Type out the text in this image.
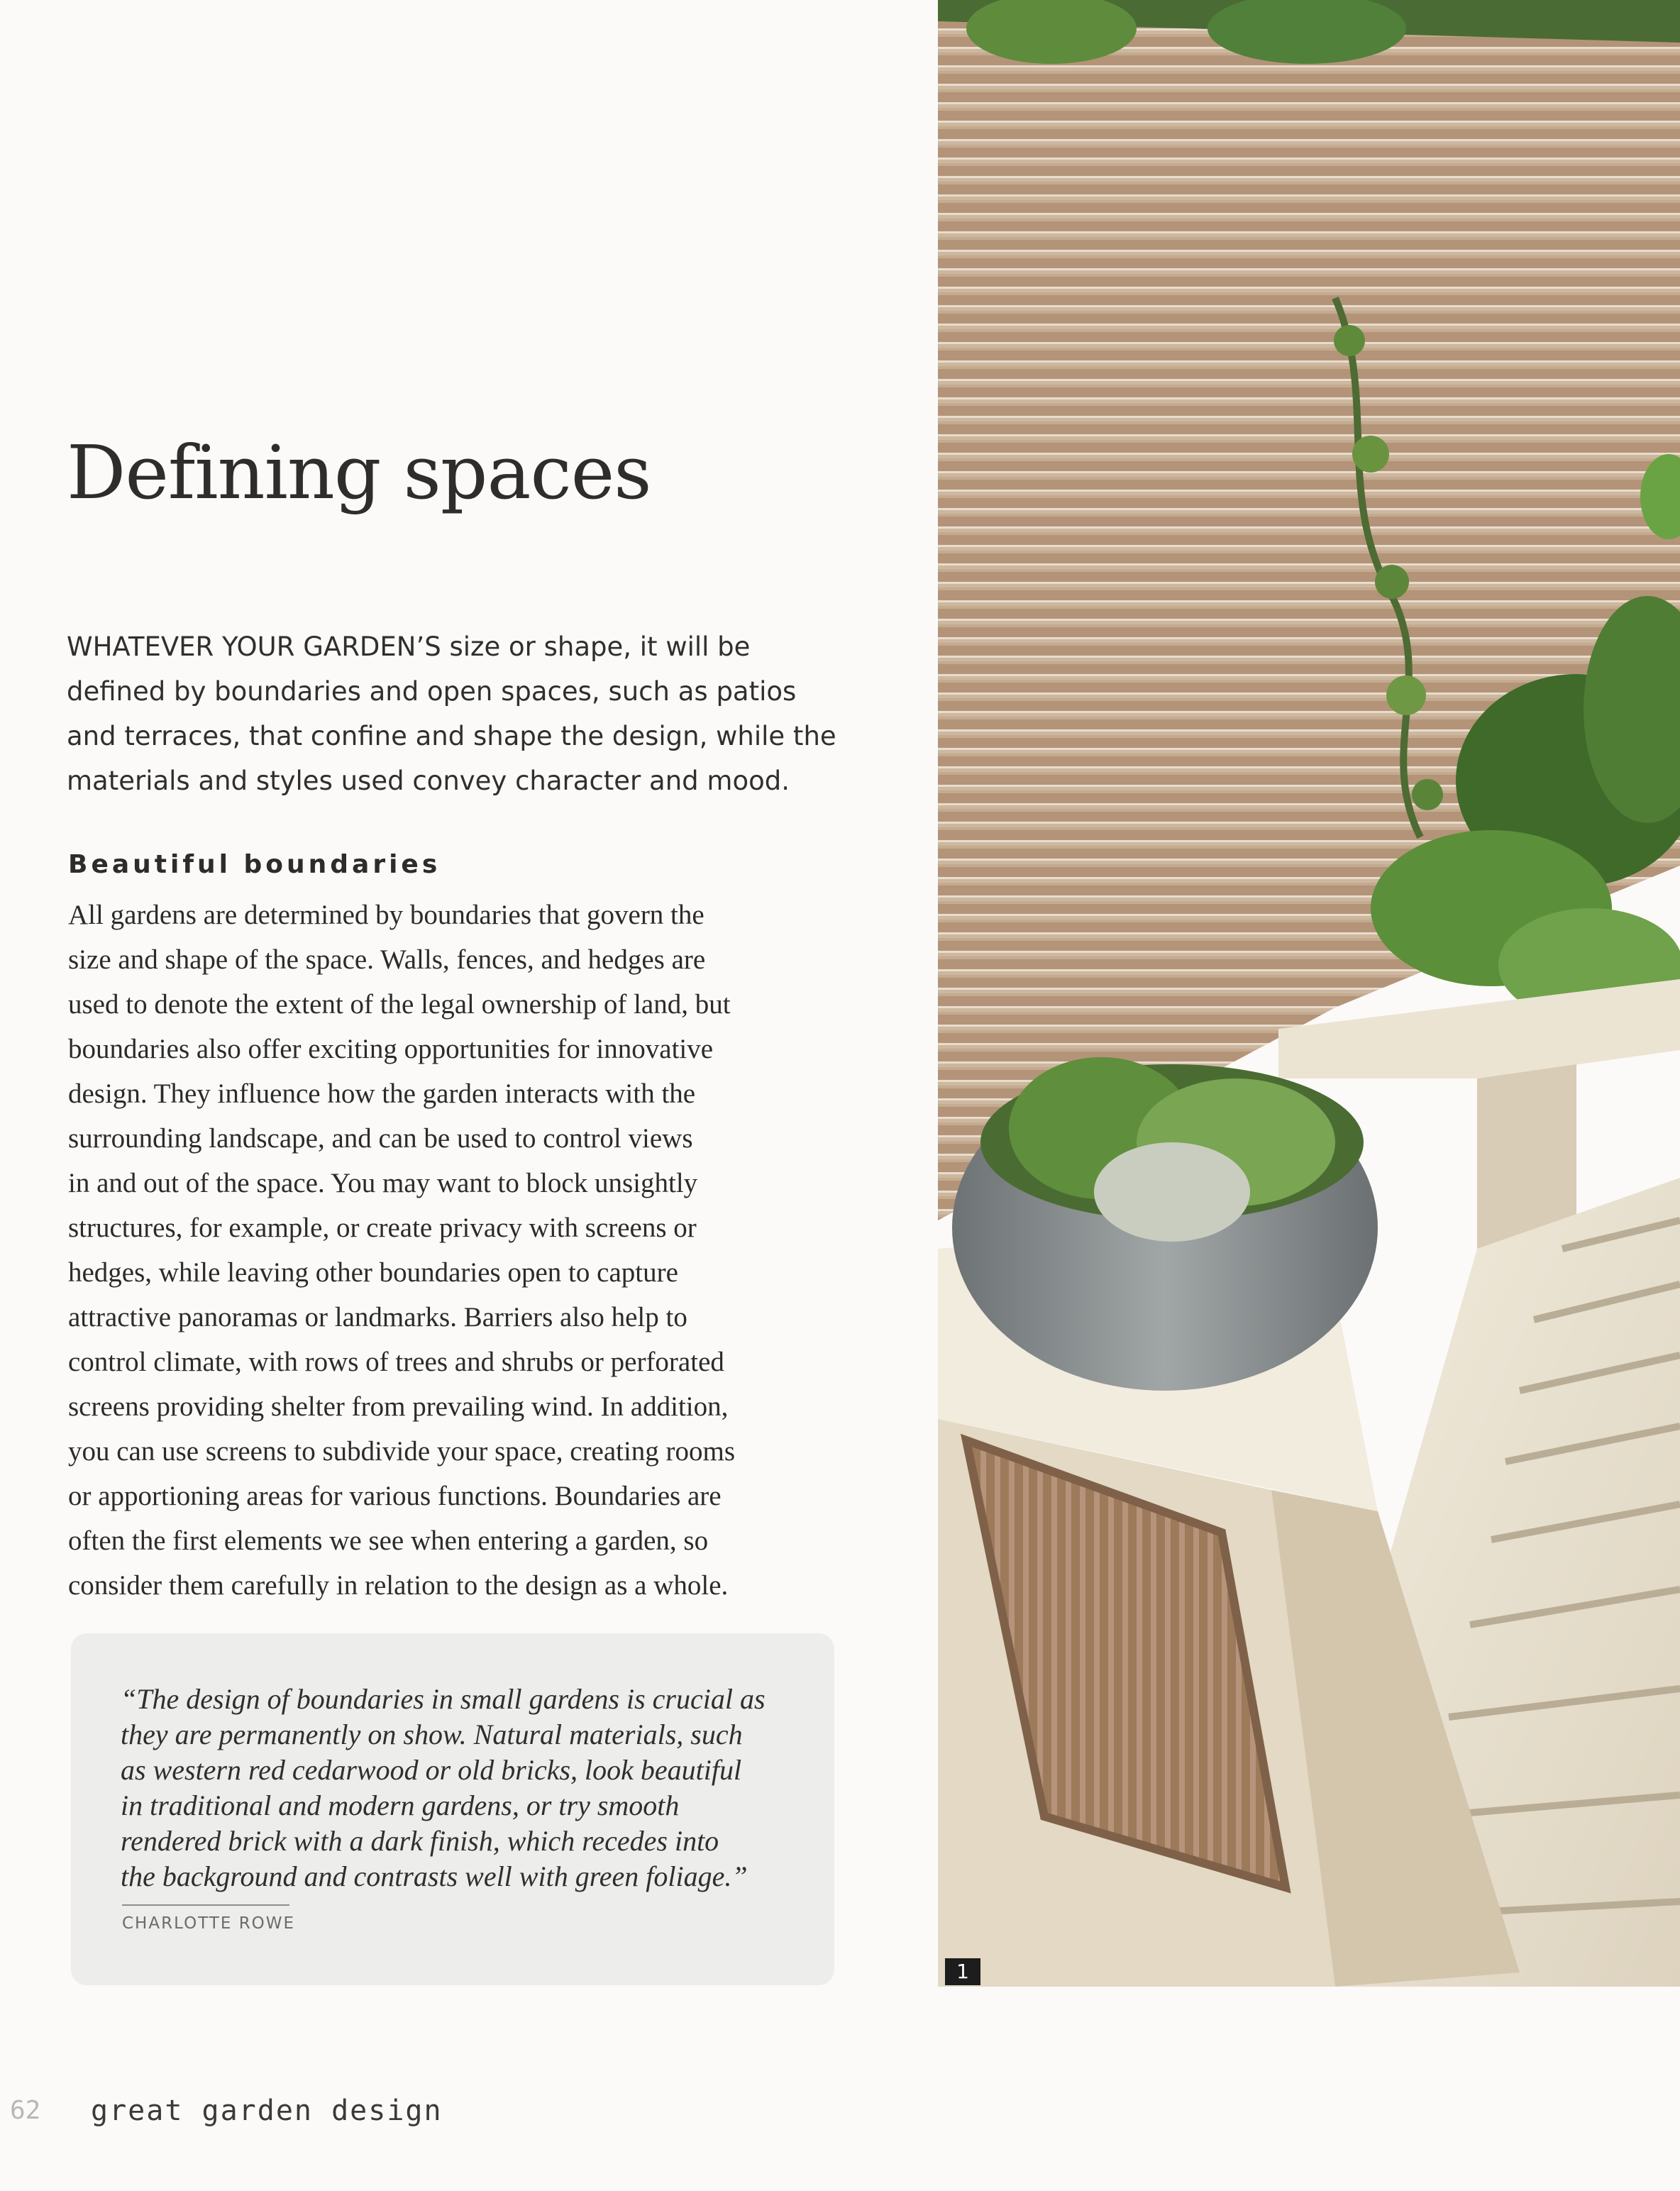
Defining spaces
WHATEVER YOUR GARDEN’S size or shape, it will be
defined by boundaries and open spaces, such as patios
and terraces, that confine and shape the design, while the
materials and styles used convey character and mood.
Beautiful boundaries
All gardens are determined by boundaries that govern the
size and shape of the space. Walls, fences, and hedges are
used to denote the extent of the legal ownership of land, but
boundaries also offer exciting opportunities for innovative
design. They influence how the garden interacts with the
surrounding landscape, and can be used to control views
in and out of the space. You may want to block unsightly
structures, for example, or create privacy with screens or
hedges, while leaving other boundaries open to capture
attractive panoramas or landmarks. Barriers also help to
control climate, with rows of trees and shrubs or perforated
screens providing shelter from prevailing wind. In addition,
you can use screens to subdivide your space, creating rooms
or apportioning areas for various functions. Boundaries are
often the first elements we see when entering a garden, so
consider them carefully in relation to the design as a whole.
“The design of boundaries in small gardens is crucial as
they are permanently on show. Natural materials, such
as western red cedarwood or old bricks, look beautiful
in traditional and modern gardens, or try smooth
rendered brick with a dark finish, which recedes into
the background and contrasts well with green foliage.”
CHARLOTTE ROWE
1
62 great garden design
